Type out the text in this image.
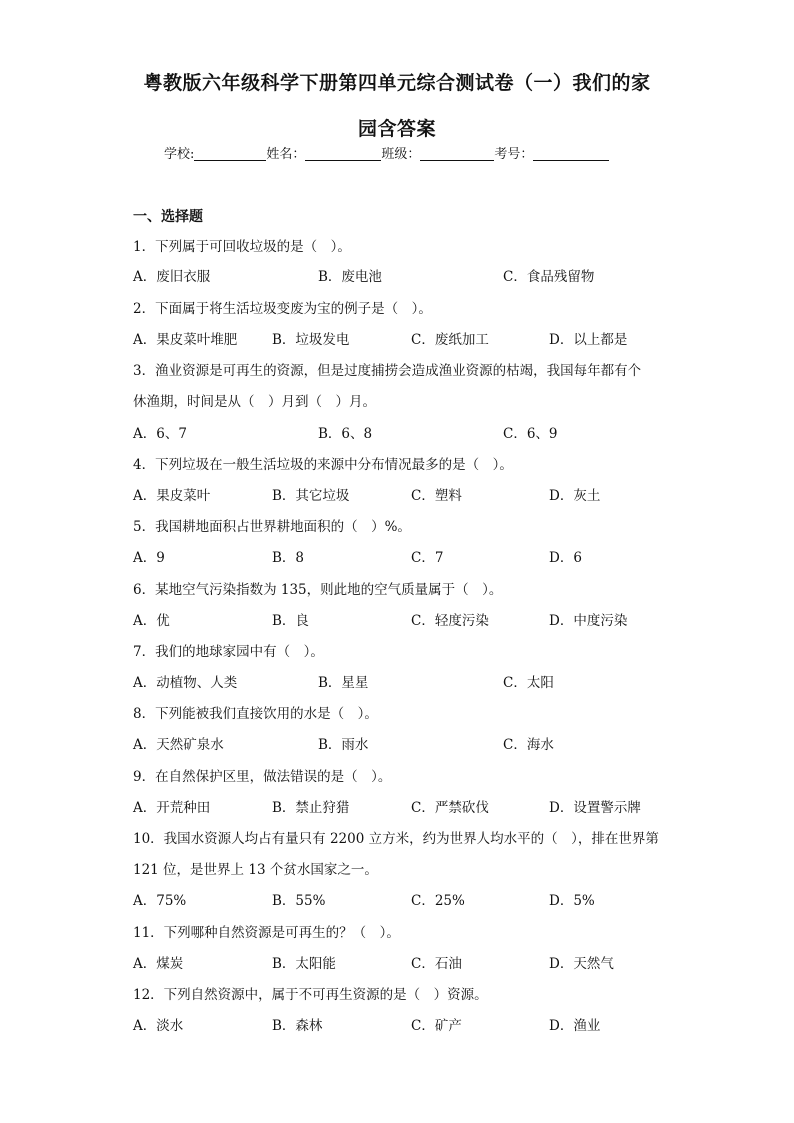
粤教版六年级科学下册第四单元综合测试卷（一）我们的家
园含答案
学校:	姓名：	班级：	考号：
一、选择题
1．下列属于可回收垃圾的是（　）。
A．废旧衣服	B．废电池	C．食品残留物
2．下面属于将生活垃圾变废为宝的例子是（　）。
A．果皮菜叶堆肥	B．垃圾发电	C．废纸加工	D．以上都是
3．渔业资源是可再生的资源，但是过度捕捞会造成渔业资源的枯竭，我国每年都有个
休渔期，时间是从（　）月到（　）月。
A．6、7	B．6、8	C．6、9
4．下列垃圾在一般生活垃圾的来源中分布情况最多的是（　）。
A．果皮菜叶	B．其它垃圾	C．塑料	D．灰土
5．我国耕地面积占世界耕地面积的（　）%。
A．9	B．8	C．7	D．6
6．某地空气污染指数为 135，则此地的空气质量属于（　）。
A．优	B．良	C．轻度污染	D．中度污染
7．我们的地球家园中有（　）。
A．动植物、人类	B．星星	C．太阳
8．下列能被我们直接饮用的水是（　）。
A．天然矿泉水	B．雨水	C．海水
9．在自然保护区里，做法错误的是（　）。
A．开荒种田	B．禁止狩猎	C．严禁砍伐	D．设置警示牌
10．我国水资源人均占有量只有 2200 立方米，约为世界人均水平的（　），排在世界第
121 位，是世界上 13 个贫水国家之一。
A．75%	B．55%	C．25%	D．5%
11．下列哪种自然资源是可再生的？（　）。
A．煤炭	B．太阳能	C．石油	D．天然气
12．下列自然资源中，属于不可再生资源的是（　）资源。
A．淡水	B．森林	C．矿产	D．渔业
